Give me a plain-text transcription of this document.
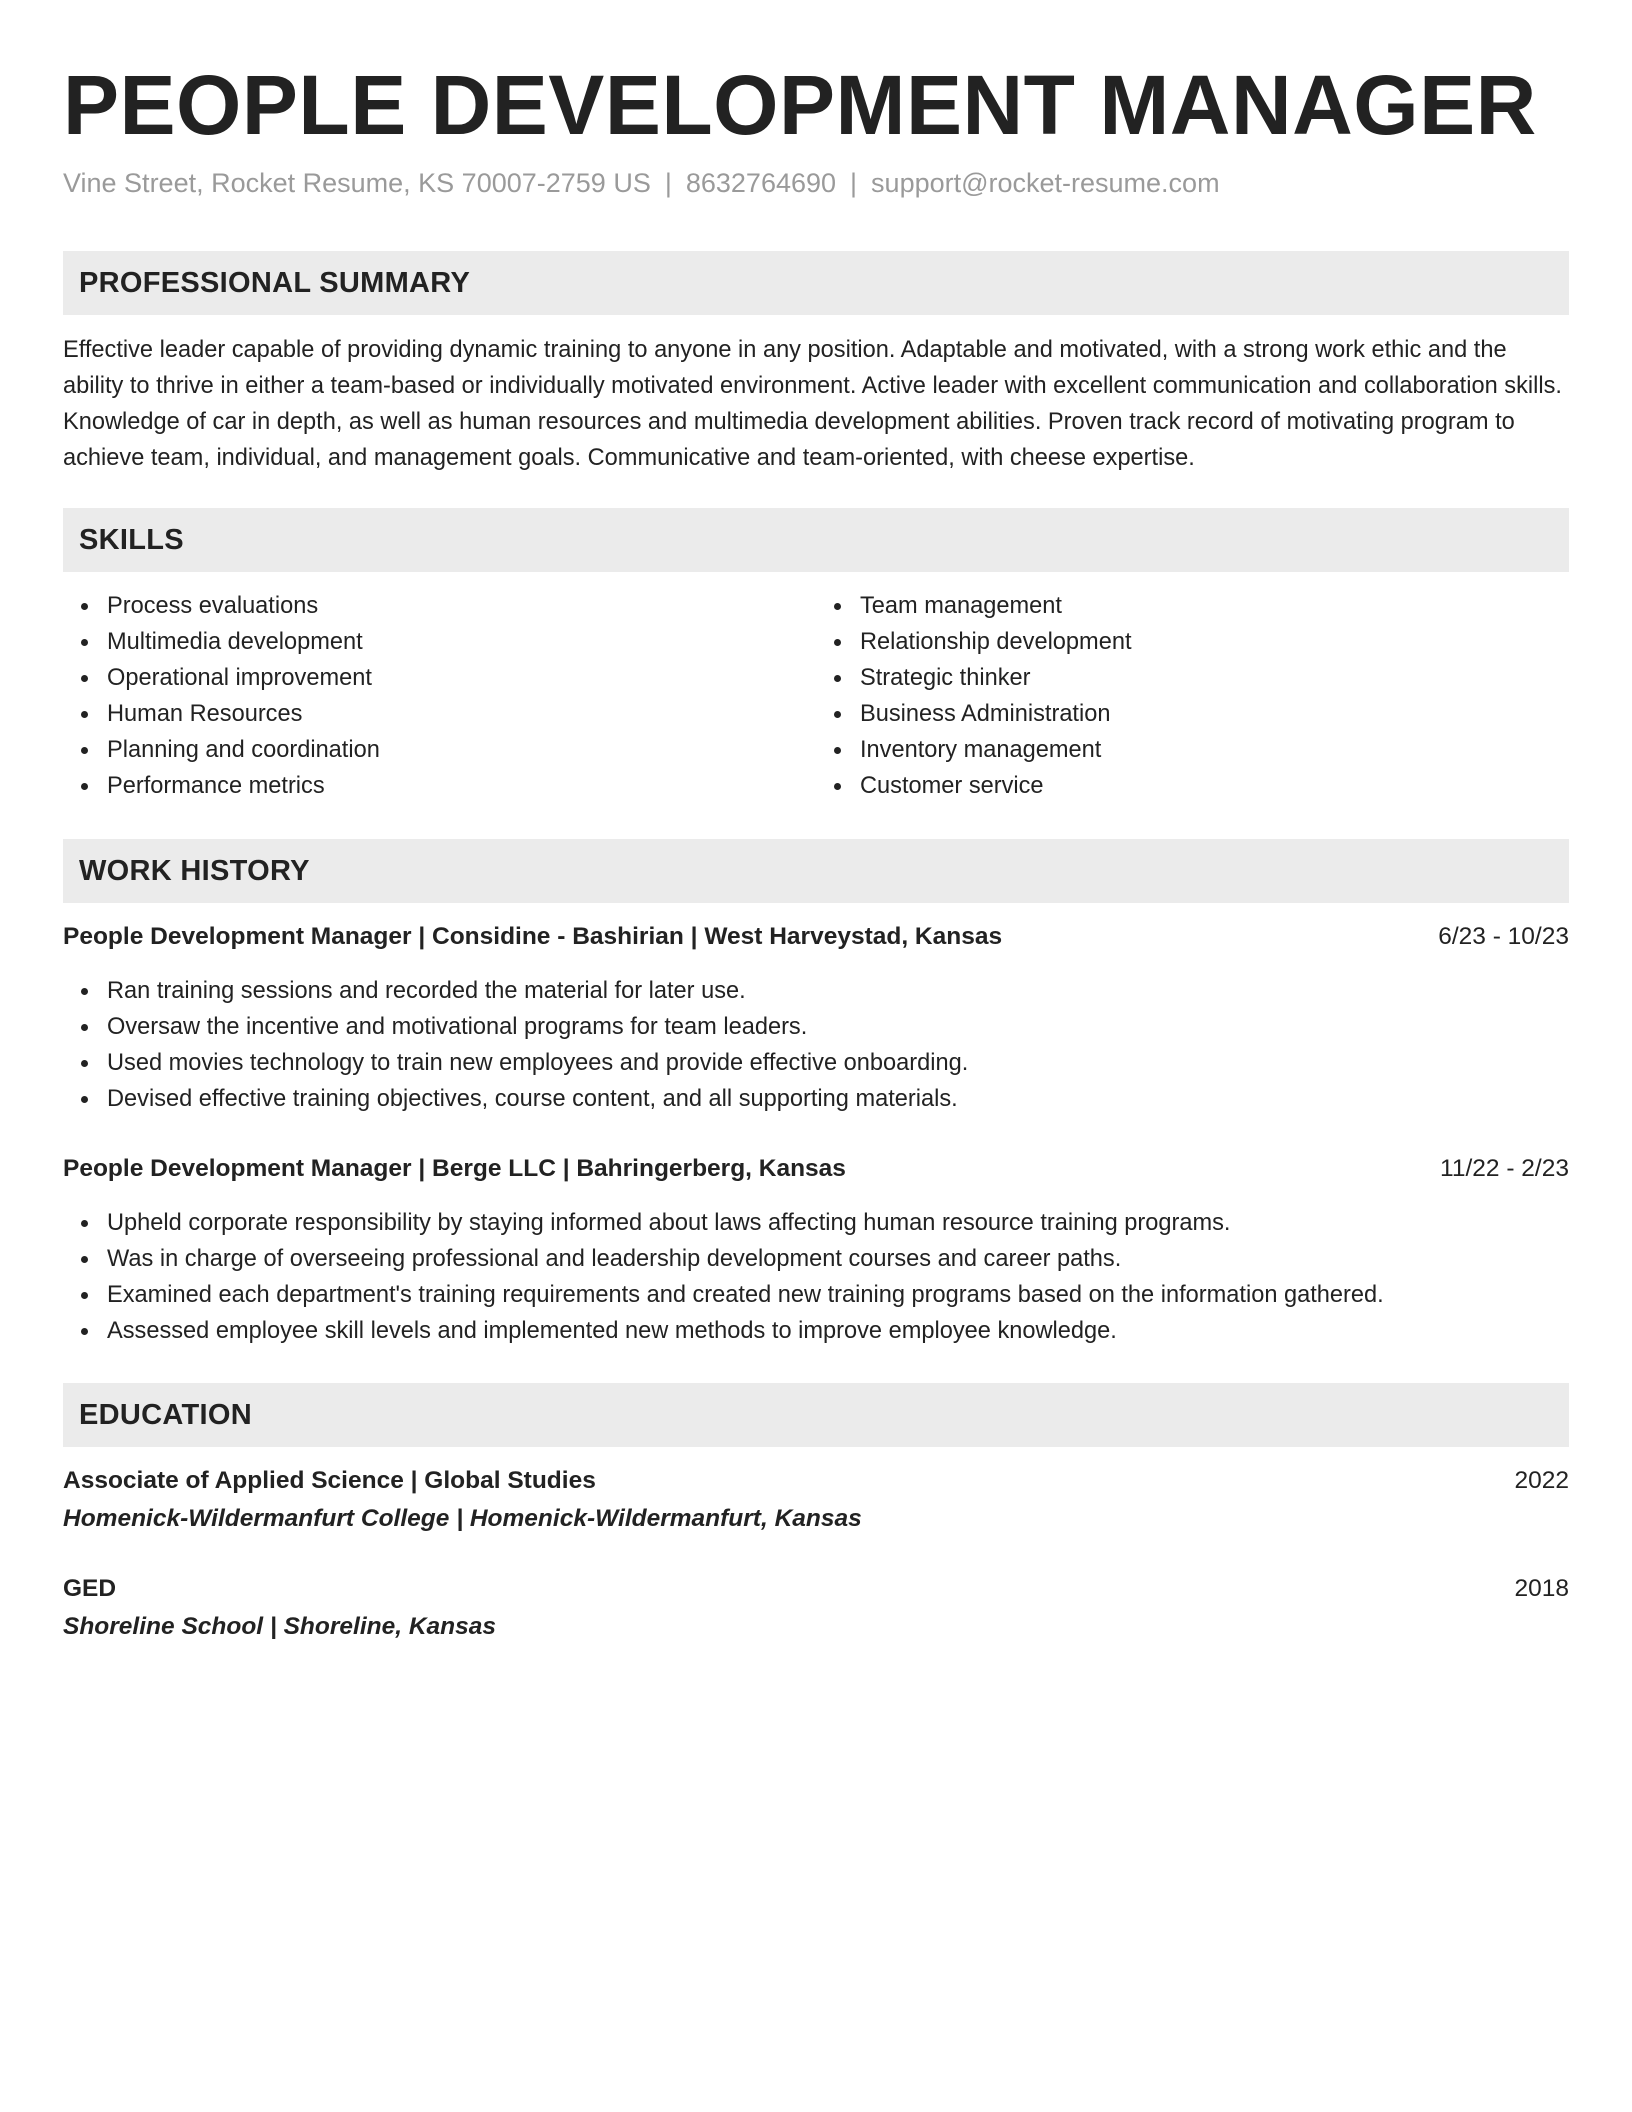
PEOPLE DEVELOPMENT MANAGER
Vine Street, Rocket Resume, KS 70007-2759 US | 8632764690 | support@rocket-resume.com
PROFESSIONAL SUMMARY

Effective leader capable of providing dynamic training to anyone in any position. Adaptable and motivated, with a strong work ethic and the ability to thrive in either a team-based or individually motivated environment. Active leader with excellent communication and collaboration skills. Knowledge of car in depth, as well as human resources and multimedia development abilities. Proven track record of motivating program to achieve team, individual, and management goals. Communicative and team-oriented, with cheese expertise.

SKILLS
Process evaluations
Multimedia development
Operational improvement
Human Resources
Planning and coordination
Performance metrics
Team management
Relationship development
Strategic thinker
Business Administration
Inventory management
Customer service
WORK HISTORY
People Development Manager | Considine - Bashirian | West Harveystad, Kansas	6/23 - 10/23
Ran training sessions and recorded the material for later use.
Oversaw the incentive and motivational programs for team leaders.
Used movies technology to train new employees and provide effective onboarding.
Devised effective training objectives, course content, and all supporting materials.
People Development Manager | Berge LLC | Bahringerberg, Kansas	11/22 - 2/23
Upheld corporate responsibility by staying informed about laws affecting human resource training programs.
Was in charge of overseeing professional and leadership development courses and career paths.
Examined each department's training requirements and created new training programs based on the information gathered.
Assessed employee skill levels and implemented new methods to improve employee knowledge.
EDUCATION
Associate of Applied Science | Global Studies	2022
Homenick-Wildermanfurt College | Homenick-Wildermanfurt, Kansas
GED	2018
Shoreline School | Shoreline, Kansas
